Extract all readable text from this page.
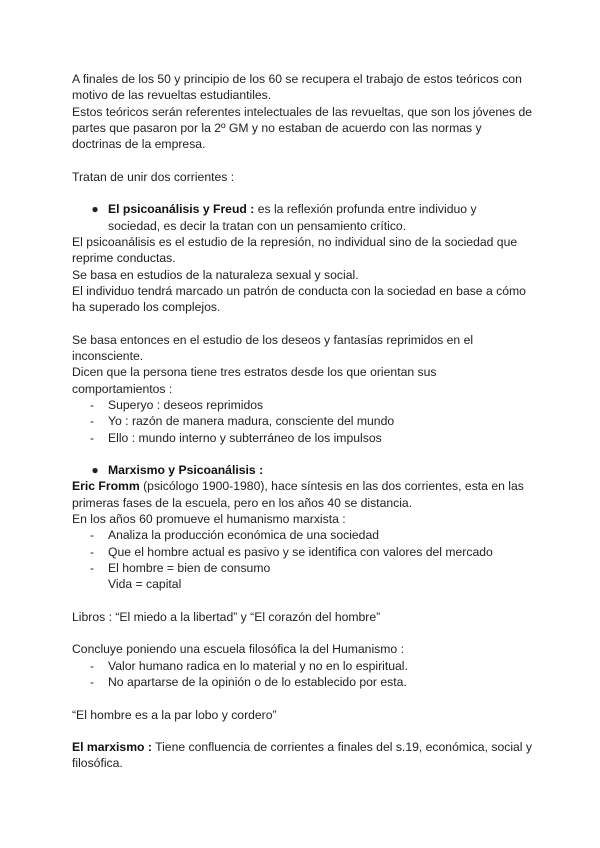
A finales de los 50 y principio de los 60 se recupera el trabajo de estos teóricos con motivo de las revueltas estudiantiles.

Estos teóricos serán referentes intelectuales de las revueltas, que son los jóvenes de partes que pasaron por la 2º GM y no estaban de acuerdo con las normas y doctrinas de la empresa.

Tratan de unir dos corrientes :

● El psicoanálisis y Freud : es la reflexión profunda entre individuo y

sociedad, es decir la tratan con un pensamiento crítico.

El psicoanálisis es el estudio de la represión, no individual sino de la sociedad que reprime conductas.

Se basa en estudios de la naturaleza sexual y social.

El individuo tendrá marcado un patrón de conducta con la sociedad en base a cómo ha superado los complejos.

Se basa entonces en el estudio de los deseos y fantasías reprimidos en el inconsciente.

Dicen que la persona tiene tres estratos desde los que orientan sus comportamientos :

- Superyo : deseos reprimidos
- Yo : razón de manera madura, consciente del mundo
- Ello : mundo interno y subterráneo de los impulsos
● Marxismo y Psicoanálisis :

Eric Fromm (psicólogo 1900-1980), hace síntesis en las dos corrientes, esta en las primeras fases de la escuela, pero en los años 40 se distancia.

En los años 60 promueve el humanismo marxista :

- Analiza la producción económica de una sociedad
- Que el hombre actual es pasivo y se identifica con valores del mercado
- El hombre = bien de consumo

Vida = capital

Libros : “El miedo a la libertad” y “El corazón del hombre”

Concluye poniendo una escuela filosófica la del Humanismo :

- Valor humano radica en lo material y no en lo espiritual.
- No apartarse de la opinión o de lo establecido por esta.

“El hombre es a la par lobo y cordero”

El marxismo : Tiene confluencia de corrientes a finales del s.19, económica, social y filosófica.
